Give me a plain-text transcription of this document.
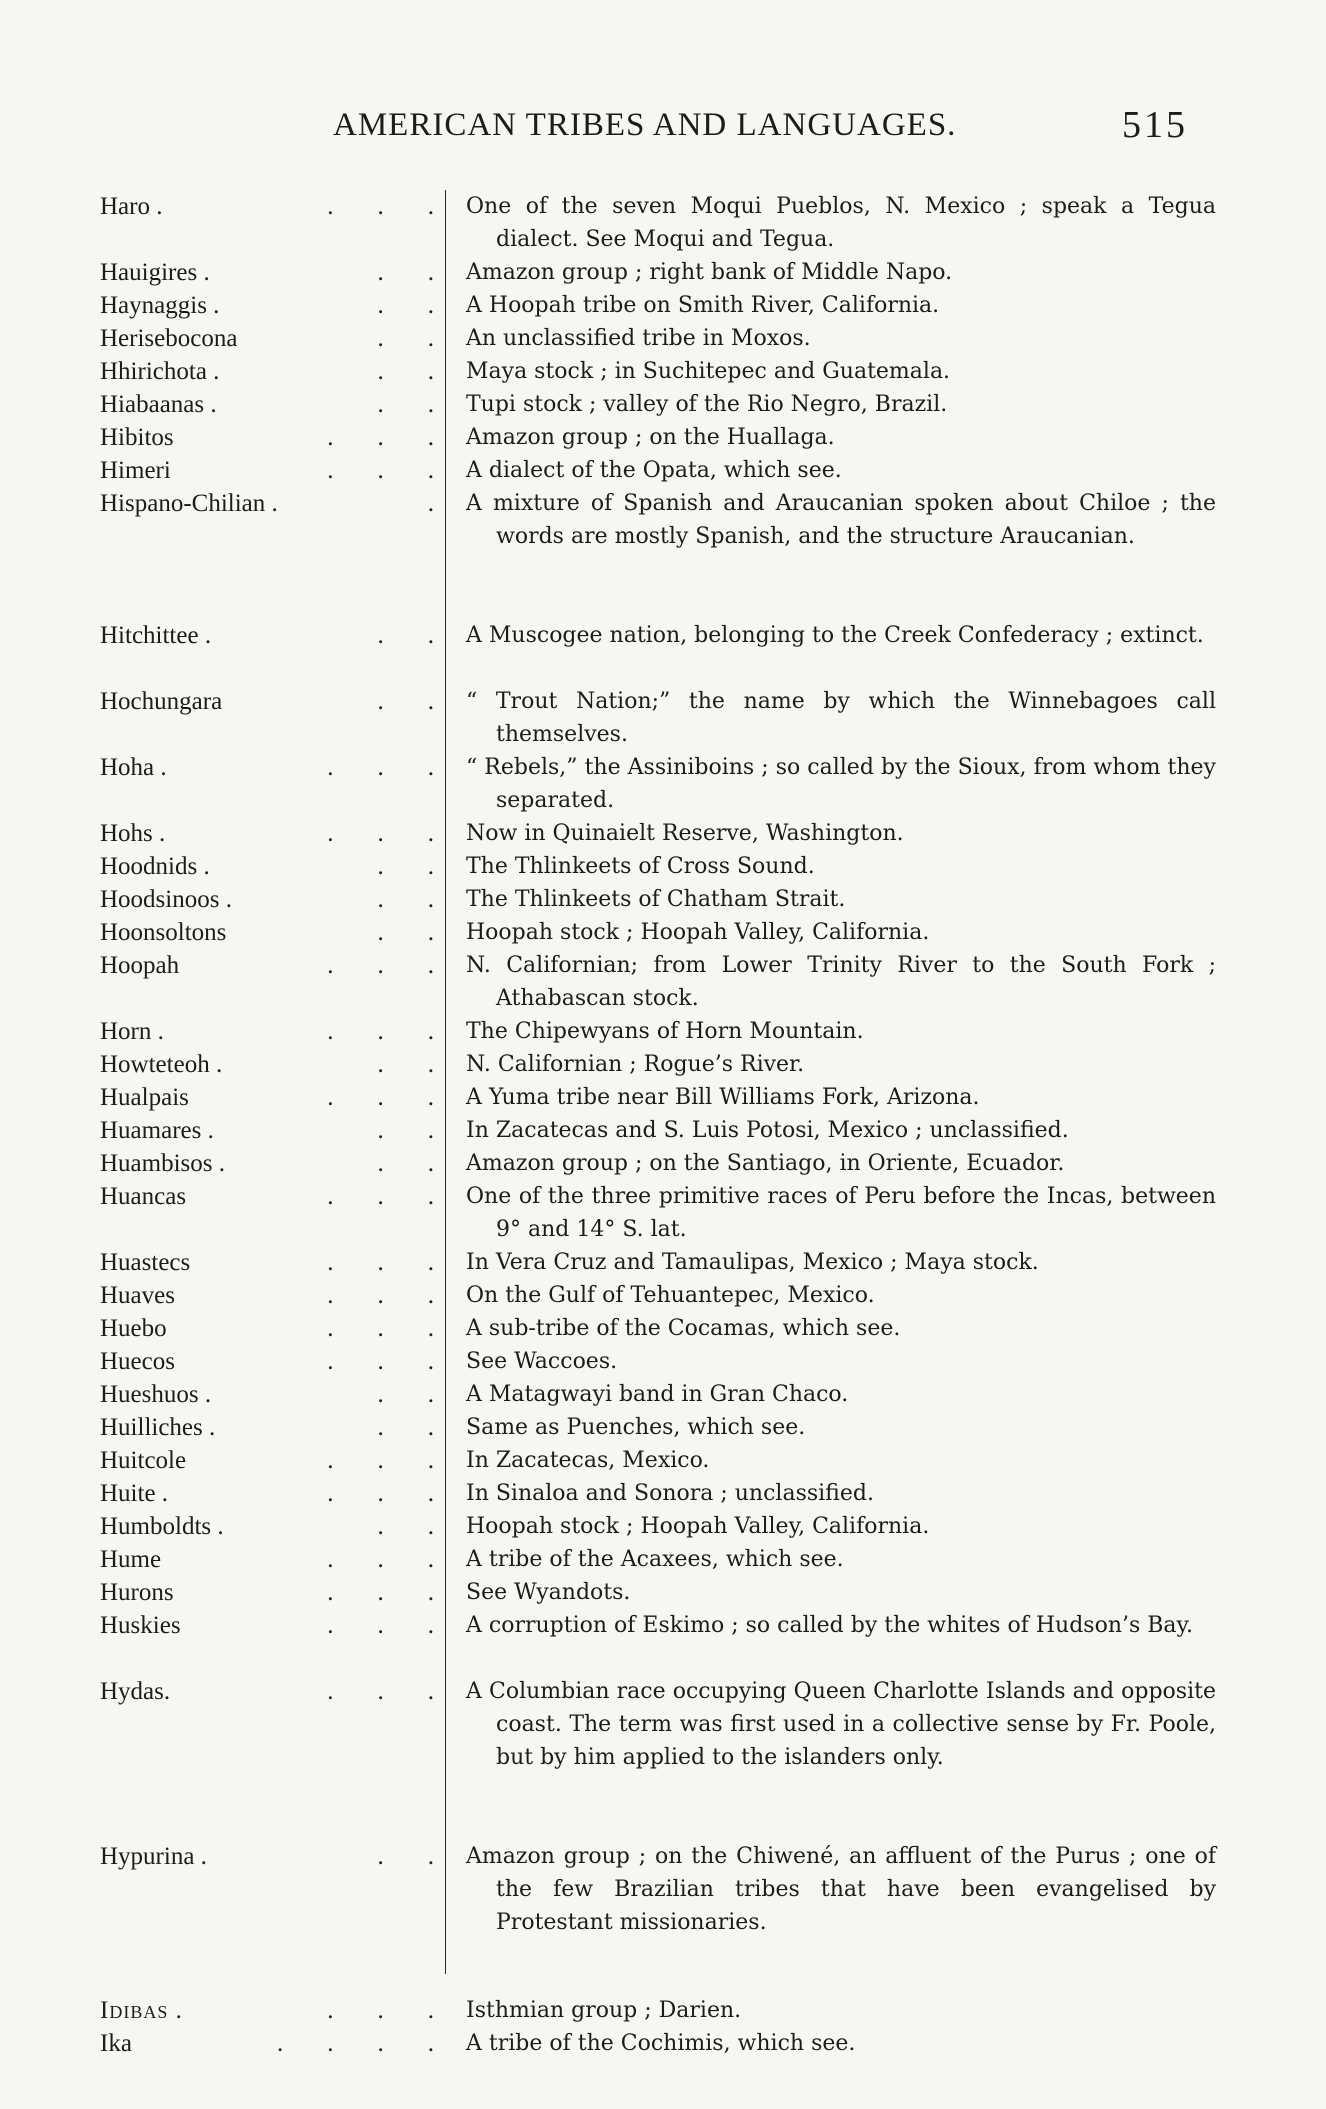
AMERICAN TRIBES AND LANGUAGES.	515
Haro .	. . . One of the seven Moqui Pueblos, N. Mexico ; speak a Tegua dialect. See Moqui and Tegua.
Hauigires .	. . Amazon group ; right bank of Middle Napo.
Haynaggis .	. . A Hoopah tribe on Smith River, California.
Herisebocona	. . An unclassified tribe in Moxos.
Hhirichota .	. . Maya stock ; in Suchitepec and Guatemala.
Hiabaanas .	. . Tupi stock ; valley of the Rio Negro, Brazil.
Hibitos	. . . Amazon group ; on the Huallaga.
Himeri	. . . A dialect of the Opata, which see.
Hispano-Chilian .	. A mixture of Spanish and Araucanian spoken about Chiloe ; the words are mostly Spanish, and the structure Araucanian.
Hitchittee .	. . A Muscogee nation, belonging to the Creek Confederacy ; extinct.
Hochungara	. . “ Trout Nation;” the name by which the Winnebagoes call themselves.
Hoha .	. . . “ Rebels,” the Assiniboins ; so called by the Sioux, from whom they separated.
Hohs .	. . . Now in Quinaielt Reserve, Washington.
Hoodnids .	. . The Thlinkeets of Cross Sound.
Hoodsinoos .	. . The Thlinkeets of Chatham Strait.
Hoonsoltons	. . Hoopah stock ; Hoopah Valley, California.
Hoopah	. . . N. Californian; from Lower Trinity River to the South Fork ; Athabascan stock.
Horn .	. . . The Chipewyans of Horn Mountain.
Howteteoh .	. . N. Californian ; Rogue’s River.
Hualpais	. . . A Yuma tribe near Bill Williams Fork, Arizona.
Huamares .	. . In Zacatecas and S. Luis Potosi, Mexico ; unclassified.
Huambisos .	. . Amazon group ; on the Santiago, in Oriente, Ecuador.
Huancas	. . . One of the three primitive races of Peru before the Incas, between 9° and 14° S. lat.
Huastecs	. . . In Vera Cruz and Tamaulipas, Mexico ; Maya stock.
Huaves	. . . On the Gulf of Tehuantepec, Mexico.
Huebo	. . . A sub-tribe of the Cocamas, which see.
Huecos	. . . See Waccoes.
Hueshuos .	. . A Matagwayi band in Gran Chaco.
Huilliches .	. . Same as Puenches, which see.
Huitcole	. . . In Zacatecas, Mexico.
Huite .	. . . In Sinaloa and Sonora ; unclassified.
Humboldts .	. . Hoopah stock ; Hoopah Valley, California.
Hume	. . . A tribe of the Acaxees, which see.
Hurons	. . . See Wyandots.
Huskies	. . . A corruption of Eskimo ; so called by the whites of Hudson’s Bay.
Hydas.	. . . A Columbian race occupying Queen Charlotte Islands and opposite coast. The term was first used in a collective sense by Fr. Poole, but by him applied to the islanders only.
Hypurina .	. . Amazon group ; on the Chiwené, an affluent of the Purus ; one of the few Brazilian tribes that have been evangelised by Protestant missionaries.
Idibas .	. . . Isthmian group ; Darien.
Ika	. . . . A tribe of the Cochimis, which see.
